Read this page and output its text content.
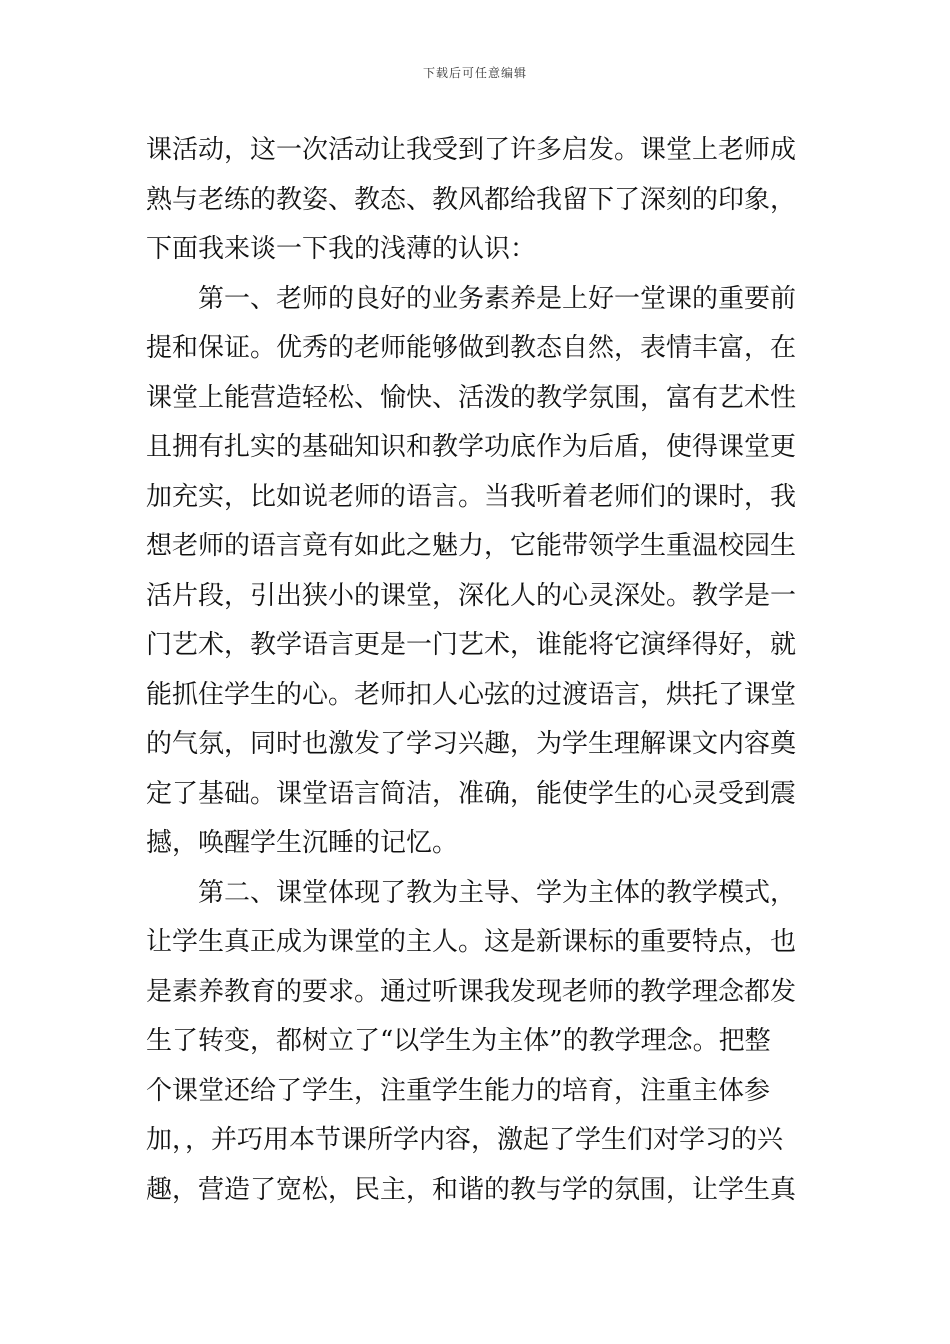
下载后可任意编辑
课活动，这一次活动让我受到了许多启发。课堂上老师成
熟与老练的教姿、教态、教风都给我留下了深刻的印象，
下面我来谈一下我的浅薄的认识：
　　第一、老师的良好的业务素养是上好一堂课的重要前
提和保证。优秀的老师能够做到教态自然，表情丰富，在
课堂上能营造轻松、愉快、活泼的教学氛围，富有艺术性
且拥有扎实的基础知识和教学功底作为后盾，使得课堂更
加充实，比如说老师的语言。当我听着老师们的课时，我
想老师的语言竟有如此之魅力，它能带领学生重温校园生
活片段，引出狭小的课堂，深化人的心灵深处。教学是一
门艺术，教学语言更是一门艺术，谁能将它演绎得好，就
能抓住学生的心。老师扣人心弦的过渡语言，烘托了课堂
的气氛，同时也激发了学习兴趣，为学生理解课文内容奠
定了基础。课堂语言简洁，准确，能使学生的心灵受到震
撼，唤醒学生沉睡的记忆。
　　第二、课堂体现了教为主导、学为主体的教学模式，
让学生真正成为课堂的主人。这是新课标的重要特点，也
是素养教育的要求。通过听课我发现老师的教学理念都发
生了转变，都树立了“以学生为主体”的教学理念。把整
个课堂还给了学生，注重学生能力的培育，注重主体参
加，，并巧用本节课所学内容，激起了学生们对学习的兴
趣，营造了宽松，民主，和谐的教与学的氛围，让学生真
